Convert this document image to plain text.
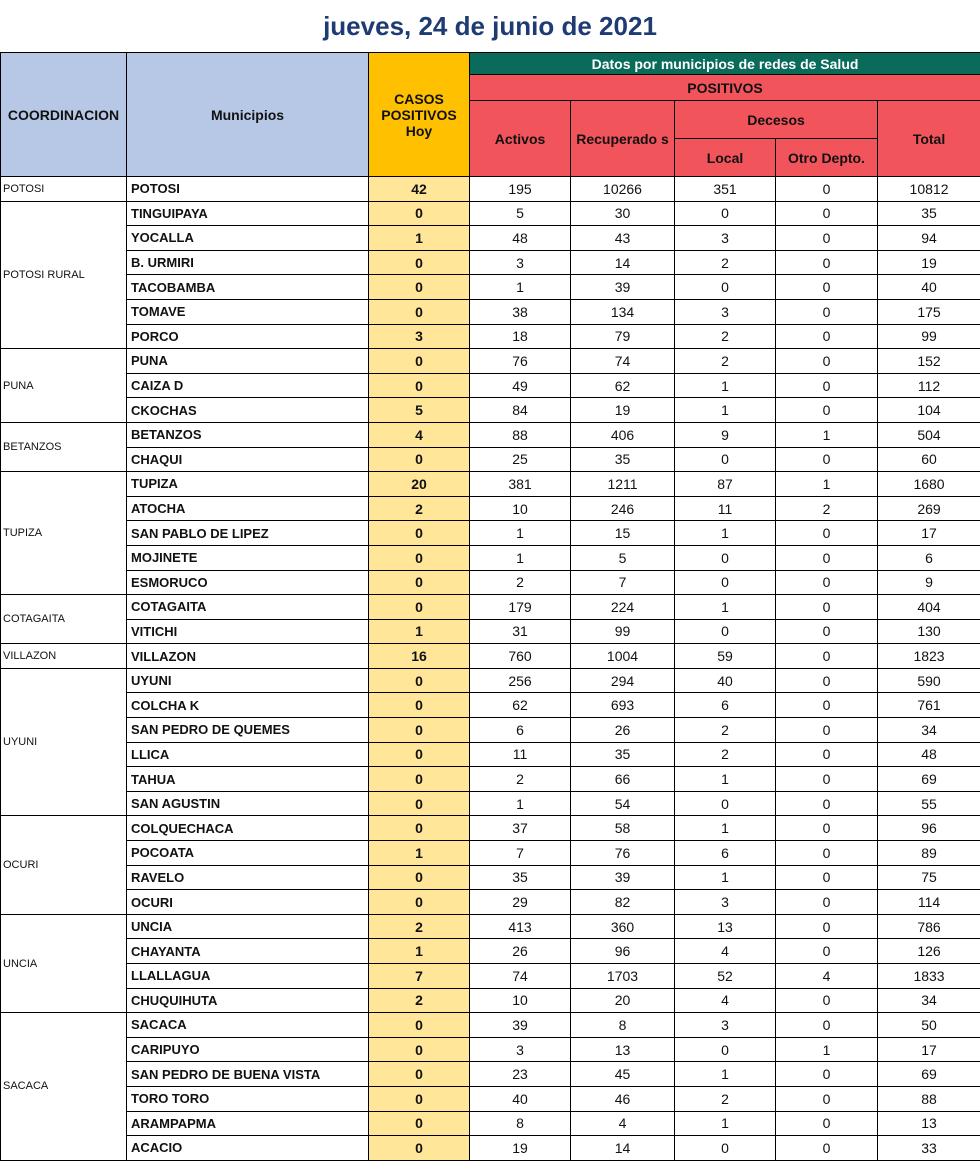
jueves, 24 de junio de 2021
COORDINACION	Municipios	CASOS POSITIVOS Hoy	Datos por municipios de redes de Salud				
			POSITIVOS				
			Activos	Recuperado s	Decesos		Total
					Local	Otro Depto.	
POTOSI	POTOSI	42	195	10266	351	0	10812
POTOSI RURAL	TINGUIPAYA	0	5	30	0	0	35
	YOCALLA	1	48	43	3	0	94
	B. URMIRI	0	3	14	2	0	19
	TACOBAMBA	0	1	39	0	0	40
	TOMAVE	0	38	134	3	0	175
	PORCO	3	18	79	2	0	99
PUNA	PUNA	0	76	74	2	0	152
	CAIZA D	0	49	62	1	0	112
	CKOCHAS	5	84	19	1	0	104
BETANZOS	BETANZOS	4	88	406	9	1	504
	CHAQUI	0	25	35	0	0	60
TUPIZA	TUPIZA	20	381	1211	87	1	1680
	ATOCHA	2	10	246	11	2	269
	SAN PABLO DE LIPEZ	0	1	15	1	0	17
	MOJINETE	0	1	5	0	0	6
	ESMORUCO	0	2	7	0	0	9
COTAGAITA	COTAGAITA	0	179	224	1	0	404
	VITICHI	1	31	99	0	0	130
VILLAZON	VILLAZON	16	760	1004	59	0	1823
UYUNI	UYUNI	0	256	294	40	0	590
	COLCHA K	0	62	693	6	0	761
	SAN PEDRO DE QUEMES	0	6	26	2	0	34
	LLICA	0	11	35	2	0	48
	TAHUA	0	2	66	1	0	69
	SAN AGUSTIN	0	1	54	0	0	55
OCURI	COLQUECHACA	0	37	58	1	0	96
	POCOATA	1	7	76	6	0	89
	RAVELO	0	35	39	1	0	75
	OCURI	0	29	82	3	0	114
UNCIA	UNCIA	2	413	360	13	0	786
	CHAYANTA	1	26	96	4	0	126
	LLALLAGUA	7	74	1703	52	4	1833
	CHUQUIHUTA	2	10	20	4	0	34
SACACA	SACACA	0	39	8	3	0	50
	CARIPUYO	0	3	13	0	1	17
	SAN PEDRO DE BUENA VISTA	0	23	45	1	0	69
	TORO TORO	0	40	46	2	0	88
	ARAMPAPMA	0	8	4	1	0	13
	ACACIO	0	19	14	0	0	33
